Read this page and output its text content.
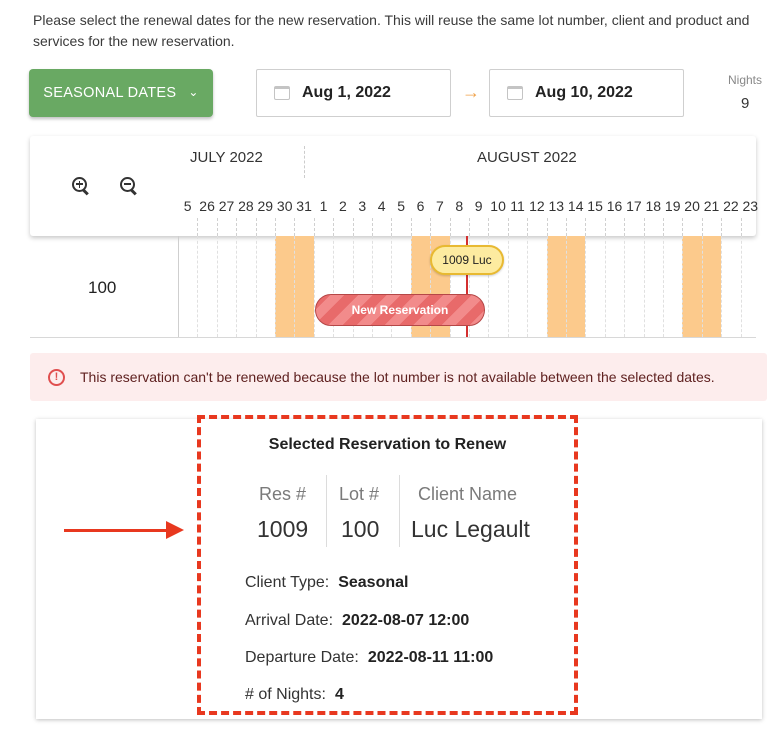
Please select the renewal dates for the new reservation. This will reuse the same lot number, client and product and services for the new reservation.
SEASONAL DATES ⌄	Aug 1, 2022	→	Aug 10, 2022
Nights
9
JULY 2022	AUGUST 2022
5 26 27 28 29 30 31 1 2 3 4 5 6 7 8 9 10 11 12 13 14 15 16 17 18 19 20 21 22 23
100
1009 Luc
New Reservation
!	This reservation can't be renewed because the lot number is not available between the selected dates.
Selected Reservation to Renew
Res # Lot # Client Name
1009 100 Luc Legault
Client Type: Seasonal
Arrival Date: 2022-08-07 12:00
Departure Date: 2022-08-11 11:00
# of Nights: 4
